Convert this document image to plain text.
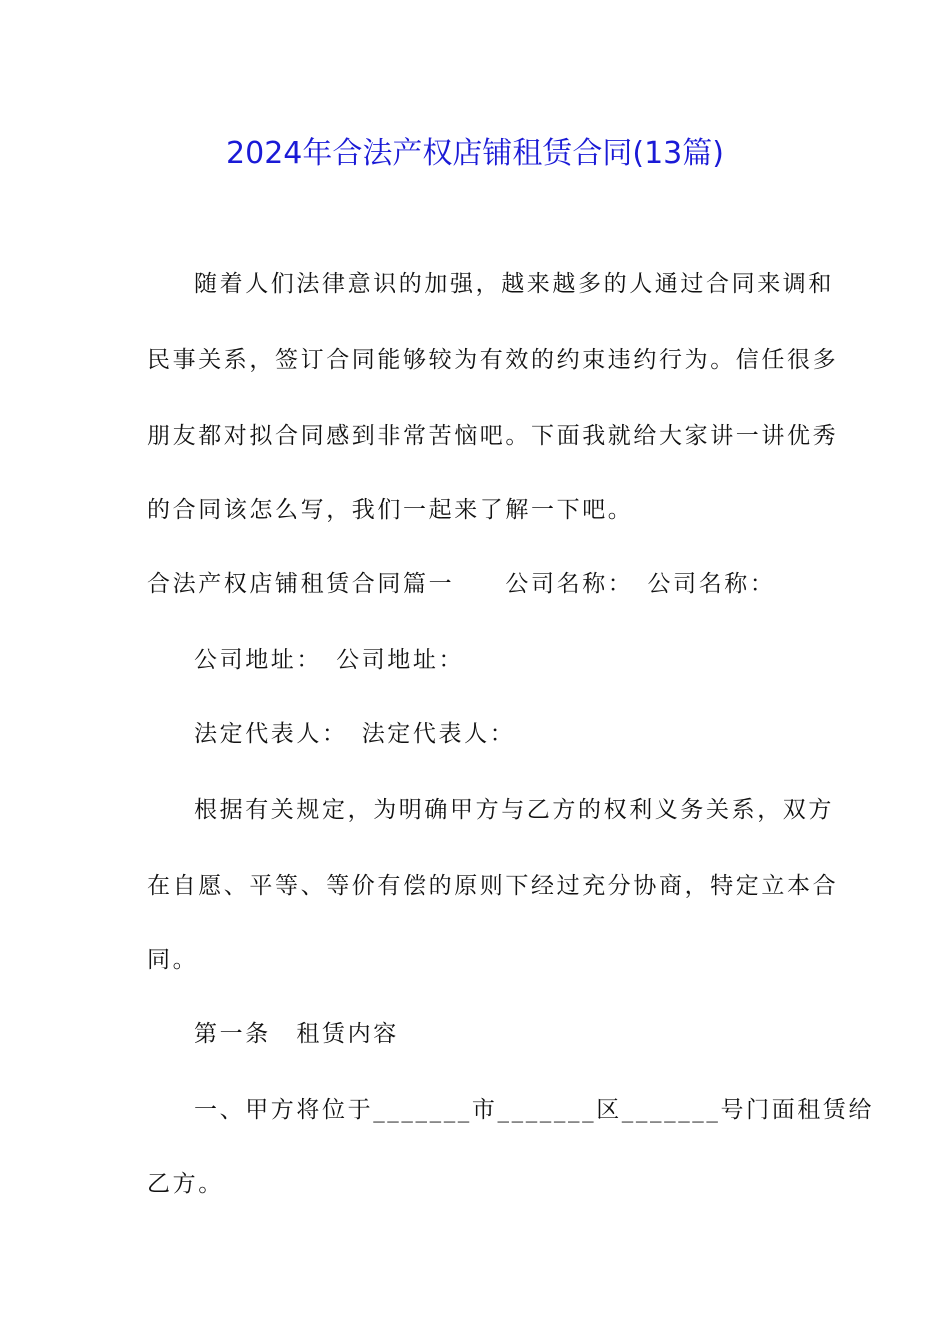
2024年合法产权店铺租赁合同(13篇)
随着人们法律意识的加强，越来越多的人通过合同来调和
民事关系，签订合同能够较为有效的约束违约行为。信任很多
朋友都对拟合同感到非常苦恼吧。下面我就给大家讲一讲优秀
的合同该怎么写，我们一起来了解一下吧。
合法产权店铺租赁合同篇一　　公司名称：　公司名称：
公司地址：　公司地址：
法定代表人：　法定代表人：
根据有关规定，为明确甲方与乙方的权利义务关系，双方
在自愿、平等、等价有偿的原则下经过充分协商，特定立本合
同。
第一条　租赁内容
一、甲方将位于_______市_______区_______号门面租赁给
乙方。
